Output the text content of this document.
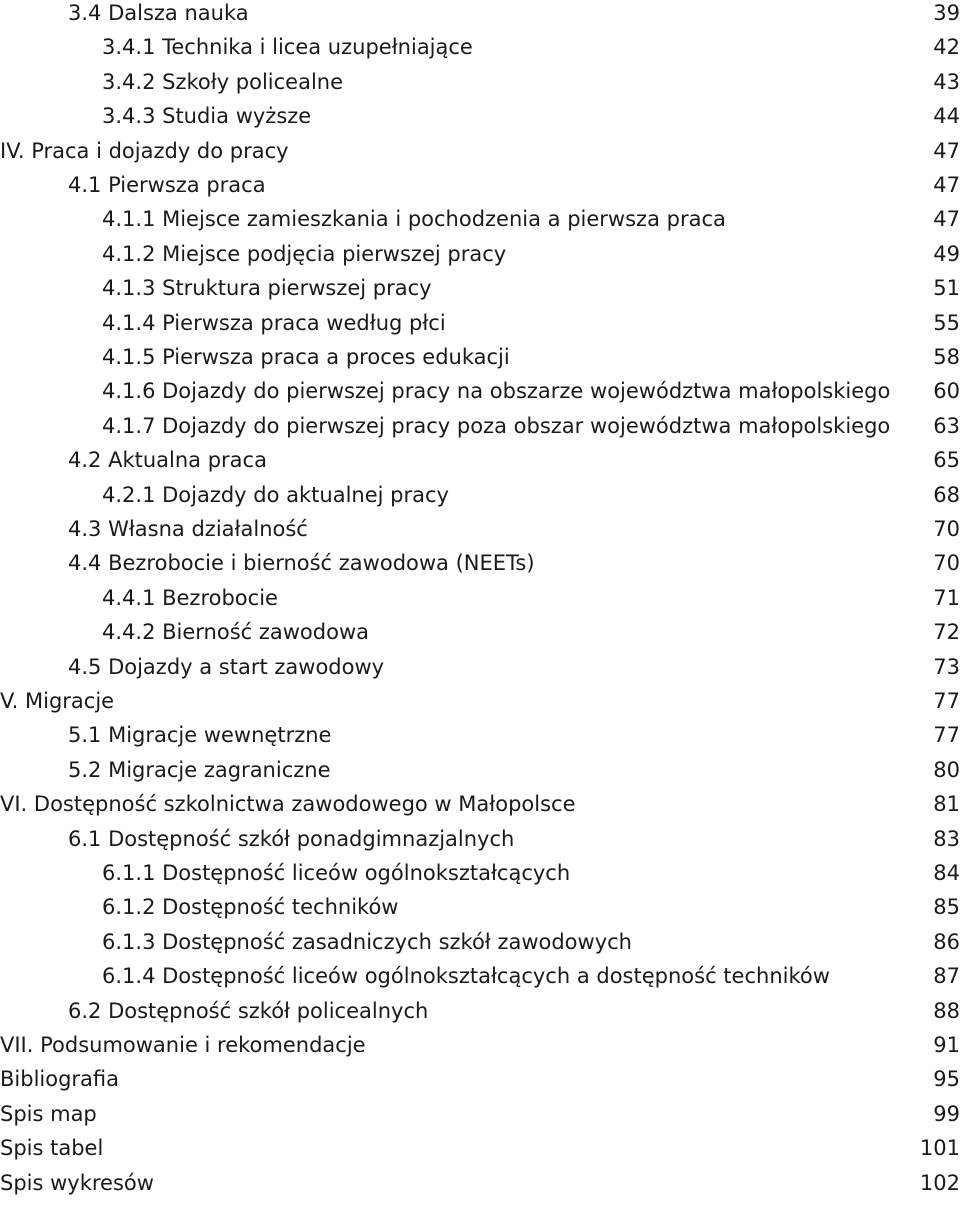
3.4 Dalsza nauka	39
3.4.1 Technika i licea uzupełniające	42
3.4.2 Szkoły policealne	43
3.4.3 Studia wyższe	44
IV. Praca i dojazdy do pracy	47
4.1 Pierwsza praca	47
4.1.1 Miejsce zamieszkania i pochodzenia a pierwsza praca	47
4.1.2 Miejsce podjęcia pierwszej pracy	49
4.1.3 Struktura pierwszej pracy	51
4.1.4 Pierwsza praca według płci	55
4.1.5 Pierwsza praca a proces edukacji	58
4.1.6 Dojazdy do pierwszej pracy na obszarze województwa małopolskiego 60
4.1.7 Dojazdy do pierwszej pracy poza obszar województwa małopolskiego 63
4.2 Aktualna praca	65
4.2.1 Dojazdy do aktualnej pracy	68
4.3 Własna działalność	70
4.4 Bezrobocie i bierność zawodowa (NEETs)	70
4.4.1 Bezrobocie	71
4.4.2 Bierność zawodowa	72
4.5 Dojazdy a start zawodowy	73
V. Migracje	77
5.1 Migracje wewnętrzne	77
5.2 Migracje zagraniczne	80
VI. Dostępność szkolnictwa zawodowego w Małopolsce	81
6.1 Dostępność szkół ponadgimnazjalnych	83
6.1.1 Dostępność liceów ogólnokształcących	84
6.1.2 Dostępność techników	85
6.1.3 Dostępność zasadniczych szkół zawodowych	86
6.1.4 Dostępność liceów ogólnokształcących a dostępność techników	87
6.2 Dostępność szkół policealnych	88
VII. Podsumowanie i rekomendacje	91
Bibliografia	95
Spis map	99
Spis tabel	101
Spis wykresów	102
